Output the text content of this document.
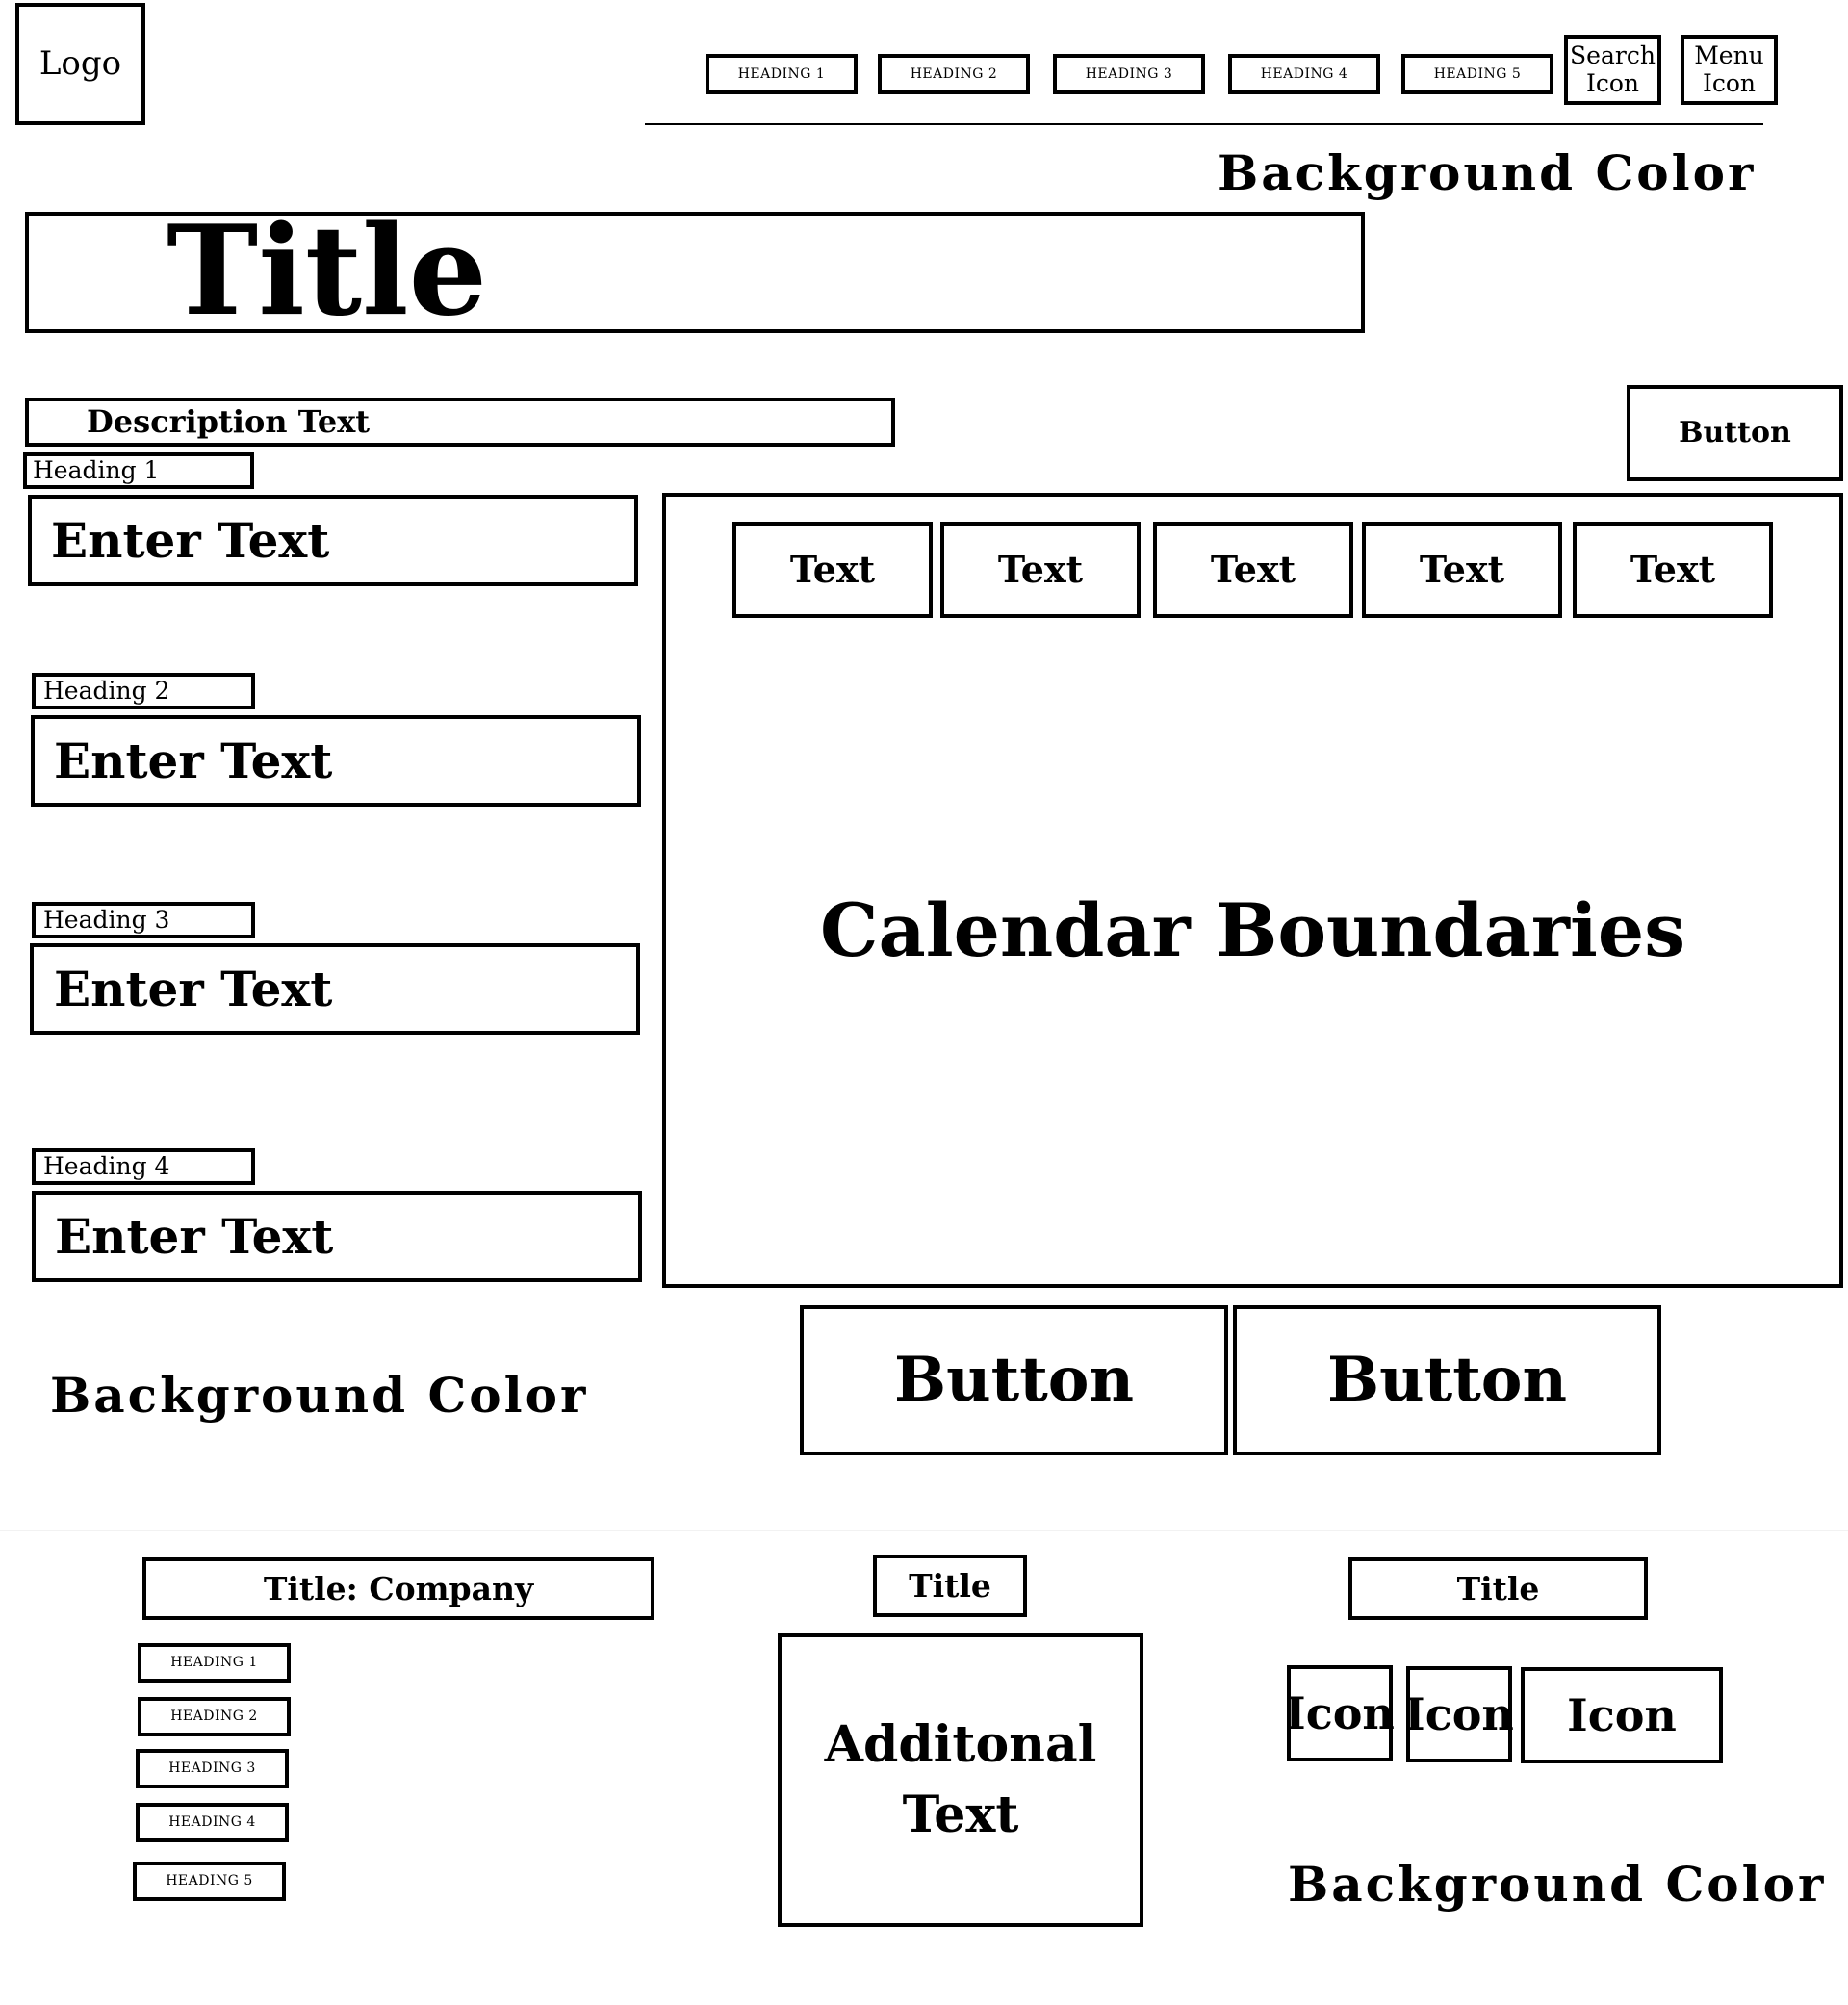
Logo	HEADING 1	HEADING 2	HEADING 3	HEADING 4	HEADING 5
Search
Icon
Menu
Icon
Background Color
Title
Description Text	Button
Heading 1
Enter Text
Heading 2
Enter Text
Heading 3
Enter Text
Heading 4
Enter Text
Background Color
Text	Text	Text	Text	Text
Calendar Boundaries
Button	Button
Title: Company
HEADING 1
HEADING 2
HEADING 3
HEADING 4
HEADING 5
Title
Additonal
Text
Title
Icon Icon Icon
Background Color
